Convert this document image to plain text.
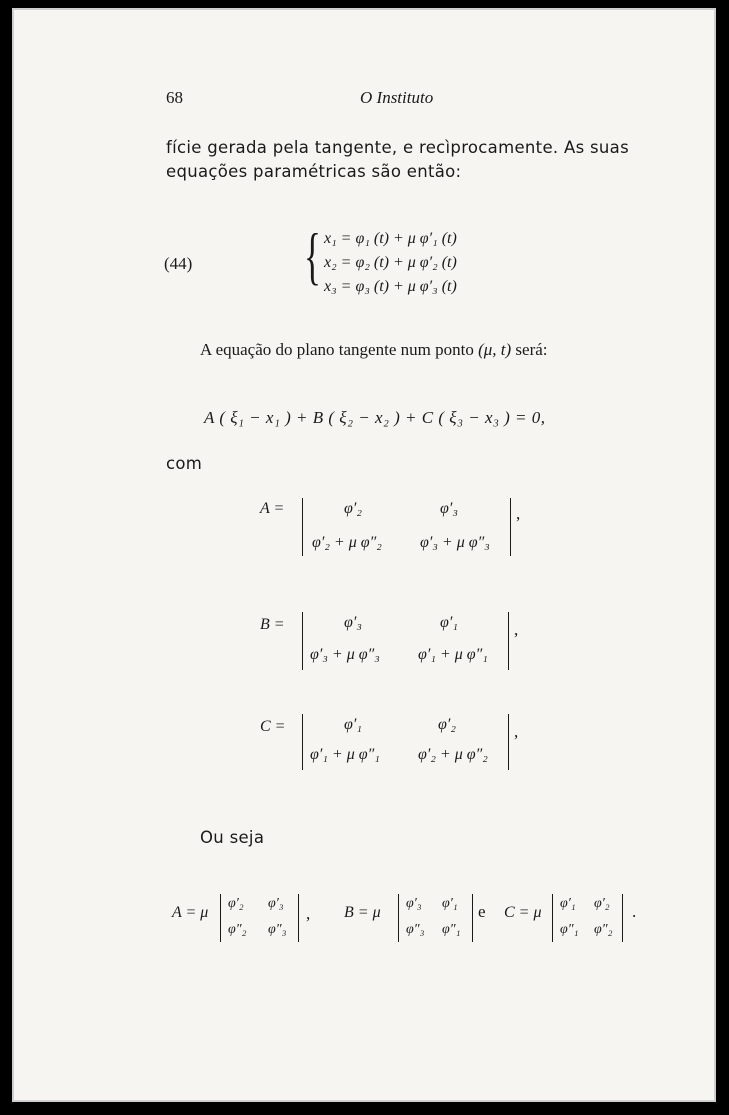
68	O Instituto
fície gerada pela tangente, e recìprocamente. As suas
equações paramétricas são então:
(44) { x₁ = φ₁ (t) + μ φ′₁ (t)
x₂ = φ₂ (t) + μ φ′₂ (t)
x₃ = φ₃ (t) + μ φ′₃ (t)
A equação do plano tangente num ponto (μ, t) será:
A ( ξ₁ − x₁ ) + B ( ξ₂ − x₂ ) + C ( ξ₃ − x₃ ) = 0,
com
A =	φ′₂	φ′₃
φ′₂ + μ φ″₂ φ′₃ + μ φ″₃
,
B =	φ′₃	φ′₁
φ′₃ + μ φ″₃ φ′₁ + μ φ″₁
,
C =	φ′₁	φ′₂
φ′₁ + μ φ″₁ φ′₂ + μ φ″₂
,
Ou seja
A = μ
φ′₂ φ′₃
φ″₂ φ″₃
, B = μ
φ′₃ φ′₁
φ″₃ φ″₁
e C = μ
φ′₁ φ′₂
φ″₁ φ″₂
.
